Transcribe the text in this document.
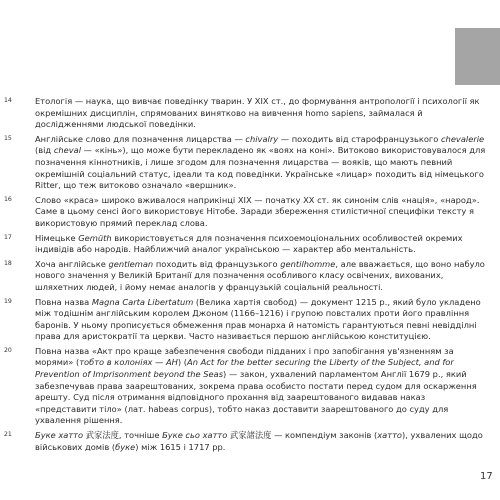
14	Етологія — наука, що вивчає поведінку тварин. У XIX ст., до формування антропології і психології як окремішних дисциплін, спрямованих винятково на вивчення homo sapiens, займалася й дослідженнями людської поведінки.
15	Англійське слово для позначення лицарства — chivalry — походить від старофранцузького chevalerie (від cheval — «кінь»), що може бути перекладено як «воях на коні». Витоково використовувалося для позначення кіннотників, і лише згодом для позначення лицарства — вояків, що мають певний окремішній соціальний статус, ідеали та код поведінки. Українське «лицар» походить від німецького Ritter, що теж витоково означало «вершник».
16	Слово «краса» широко вживалося наприкінці XIX — початку XX ст. як синонім слів «нація», «народ». Саме в цьому сенсі його використовує Нітобе. Заради збереження стилістичної специфіки тексту я використовую прямий переклад слова.
17	Німецьке Gemüth використовується для позначення психоемоціональних особливостей окремих індивідів або народів. Найближчий аналог українською — характер або ментальність.
18	Хоча англійське gentleman походить від французького gentilhomme, але вважається, що воно набуло нового значення у Великій Британії для позначення особливого класу освічених, вихованих, шляхетних людей, і йому немає аналогів у французькій соціальній реальності.
19	Повна назва Magna Carta Libertatum (Велика хартія свобод) — документ 1215 р., який було укладено між тодішнім англійським королем Джоном (1166–1216) і групою повсталих проти його правління баронів. У ньому прописується обмеження прав монарха й натомість гарантуються певні невідділні права для аристократії та церкви. Часто називається першою англійською конституцією.
20	Повна назва «Акт про краще забезпечення свободи підданих і про запобігання ув'язненням за морями» (тобто в колоніях — АН) (An Act for the better securing the Liberty of the Subject, and for Prevention of Imprisonment beyond the Seas) — закон, ухвалений парламентом Англії 1679 р., який забезпечував права заарештованих, зокрема права особисто постати перед судом для оскарження арешту. Суд після отримання відповідного прохання від заарештованого видавав наказ «представити тіло» (лат. habeas corpus), тобто наказ доставити заарештованого до суду для ухвалення рішення.
21	Буке хатто 武家法度, точніше Буке сьо хатто 武家諸法度 — компендіум законів (хатто), ухвалених щодо військових домів (буке) між 1615 і 1717 рр.
17
